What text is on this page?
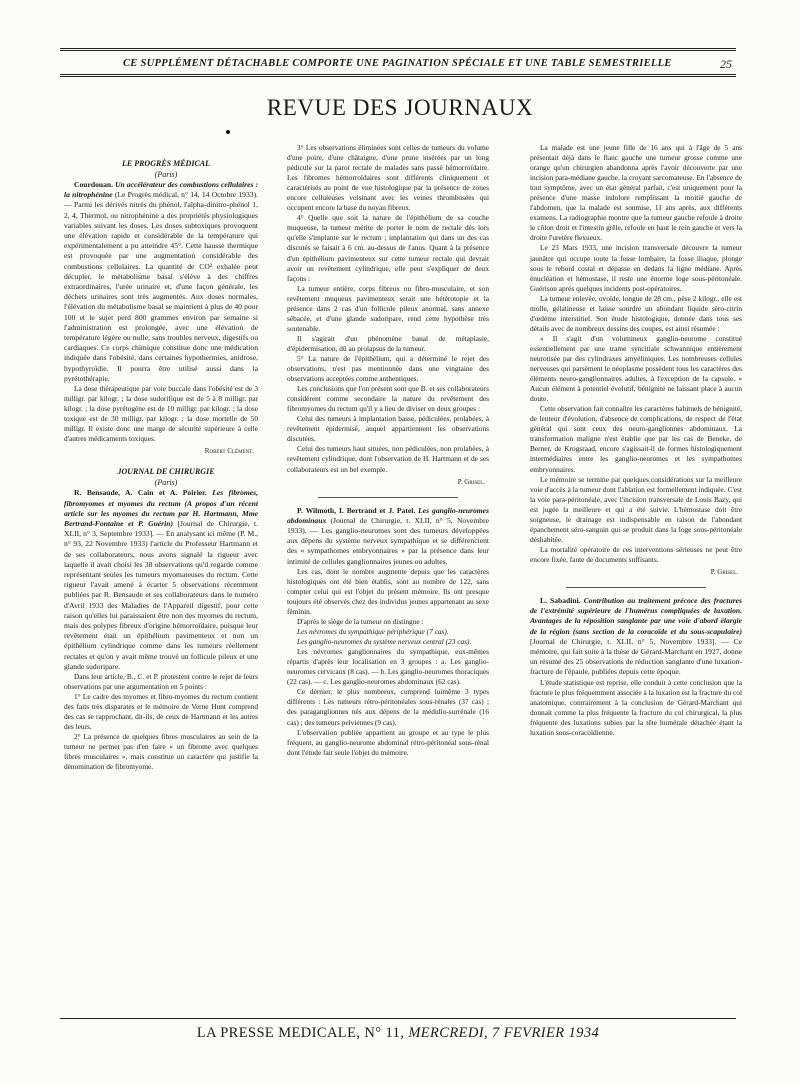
CE SUPPLÉMENT DÉTACHABLE COMPORTE UNE PAGINATION SPÉCIALE ET UNE TABLE SEMESTRIELLE	25
REVUE DES JOURNAUX

LE PROGRÈS MÉDICAL

(Paris)

Courdouan. Un accélérateur des combustions cellulaires : la nitrophénine (Le Progrès médical, n° 14, 14 Octobre 1933). — Parmi les dérivés nitrés du phénol, l'alpha-dinitro-phénol 1, 2, 4, Thermol, ou nitrophénine a des propriétés physiologiques variables suivant les doses. Les doses subtoxiques provoquent une élévation rapide et considérable de la température qui expérimentalement a pu atteindre 45°. Cette hausse thermique est provoquée par une augmentation considérable des combustions cellulaires. La quantité de CO² exhalée peut décupler, le métabolisme basal s'élève à des chiffres extraordinaires, l'urée urinaire et, d'une façon générale, les déchets urinaires sont très augmentés. Aux doses normales, l'élévation du métabolisme basal se maintient à plus de 40 pour 100 et le sujet perd 800 grammes environ par semaine si l'administration est prolongée, avec une élévation de température légère ou nulle, sans troubles nerveux, digestifs ou cardiaques. Ce corps chimique constitue donc une médication indiquée dans l'obésité, dans certaines hypothermies, anidrose, hypothyroïdie. Il pourra être utilisé aussi dans la pyrétothérapie.

La dose thérapeutique par voie buccale dans l'obésité est de 3 milligr. par kilogr. ; la dose sudorifique est de 5 à 8 milligr. par kilogr. ; la dose pyrétogène est de 10 milligr. par kilogr. ; la dose toxique est de 30 milligr. par kilogr. ; la dose mortelle de 50 milligr. Il existe donc une marge de sécurité supérieure à celle d'autres médicaments toxiques.

Robert Clément.

JOURNAL DE CHIRURGIE

(Paris)

R. Bensaude, A. Cain et A. Poirier. Les fibromes, fibromyomes et myomes du rectum (A propos d'un récent article sur les myomes du rectum par H. Hartmann, Mme Bertrand-Fontaine et P. Guérin) [Journal de Chirurgie, t. XLII, n° 3, Septembre 1933]. — En analysant ici même (P. M., n° 93, 22 Novembre 1933) l'article du Professeur Hartmann et de ses collaborateurs, nous avons signalé la rigueur avec laquelle il avait choisi les 38 observations qu'il regarde comme représentant seules les tumeurs myomateuses du rectum. Cette rigueur l'avait amené à écarter 5 observations récemment publiées par R. Bensaude et ses collaborateurs dans le numéro d'Avril 1933 des Maladies de l'Appareil digestif, pour cette raison qu'elles lui paraissaient être non des myomes du rectum, mais des polypes fibreux d'origine hémorroïdaire, puisque leur revêtement était un épithélium pavimenteux et non un épithélium cylindrique comme dans les tumeurs réellement rectales et qu'on y avait même trouvé un follicule pileux et une glande sudoripare.

Dans leur article, B., C. et P. protestent contre le rejet de leurs observations par une argumentation en 5 points :

1° Le cadre des myomes et fibro-myomes du rectum contient des faits très disparates et le mémoire de Verne Hunt comprend des cas se rapprochant, dit-ils, de ceux de Hartmann et les autres des leurs.

2° La présence de quelques fibres musculaires au sein de la tumeur ne permet pas d'en faire « un fibrome avec quelques fibres musculaires », mais constitue un caractère qui justifie la dénomination de fibromyome.

3° Les observations éliminées sont celles de tumeurs du volume d'une poire, d'une châtaigne, d'une prune insérées par un long pédicule sur la paroi rectale de malades sans passé hémorroïdaire. Les fibromes hémorroïdaires sont différents cliniquement et caractérisés au point de vue histologique par la présence de zones encore celluleuses voisinant avec les veines thrombosées qui occupent encore la base du noyau fibreux.

4° Quelle que soit la nature de l'épithélium de sa couche muqueuse, la tumeur mérite de porter le nom de rectale dès lors qu'elle s'implante sur le rectum ; implantation qui dans un des cas discutés se faisait à 6 cm. au-dessus de l'anus. Quant à la présence d'un épithélium pavimenteux sur cette tumeur rectale qui devrait avoir un revêtement cylindrique, elle peut s'expliquer de deux façons :

La tumeur entière, corps fibreux ou fibro-musculaire, et son revêtement muqueux pavimenteux serait une hétérotopie et la présence dans 2 cas d'un follicule pileux anormal, sans annexe sébacée, et d'une glande sudoripare, rend cette hypothèse très soutenable.

Il s'agirait d'un phénomène banal de métaplasie, d'épidermisation, dû au prolapsus de la tumeur.

5° La nature de l'épithélium, qui a déterminé le rejet des observations, n'est pas mentionnée dans une vingtaine des observations acceptées comme authentiques.

Les conclusions que l'on présent sont que B. et ses collaborateurs considèrent comme secondaire la nature du revêtement des fibromyomes du rectum qu'il y a lieu de diviser en deux groupes :

Celui des tumeurs à implantation basse, pédiculées, prolabées, à revêtement épidermisé, auquel appartiennent les observations discutées.

Celui des tumeurs haut situées, non pédiculées, non prolabées, à revêtement cylindrique, dont l'observation de H. Hartmann et de ses collaborateurs est un bel exemple.

P. Grisel.

P. Wilmoth, I. Bertrand et J. Patel. Les ganglio-neuromes abdominaux (Journal de Chirurgie, t. XLII, n° 5, Novembre 1933). — Les ganglio-neuromes sont des tumeurs développées aux dépens du système nerveux sympathique et se différencient des « sympathomes embryonnaires » par la présence dans leur intimité de cellules ganglionnaires jeunes ou adultes.

Les cas, dont le nombre augmente depuis que les caractères histologiques ont été bien établis, sont au nombre de 122, sans compter celui qui est l'objet du présent mémoire. Ils ont presque toujours été observés chez des individus jeunes appartenant au sexe féminin.

D'après le siège de la tumeur on distingue :

Les névromes du sympathique périphérique (7 cas).

Les ganglio-neuromes du système nerveux central (23 cas).

Les névromes ganglionnaires du sympathique, eux-mêmes répartis d'après leur localisation en 3 groupes : a. Les ganglio-neuromes cervicaux (8 cas). — b. Les ganglio-neuromes thoraciques (22 cas). — c. Les ganglio-neuromes abdominaux (62 cas).

Ce dernier, le plus nombreux, comprend luimême 3 types différents : Les tumeurs rétro-péritonéales sous-rénales (37 cas) ; des paraganglionnes nés aux dépens de la médullo-surrénale (16 cas) ; des tumeurs pelviennes (9 cas).

L'observation publiée appartient au groupe et au type le plus fréquent, au ganglio-neurome abdominal rétro-péritonéal sous-rénal dont l'étude fait seule l'objet du mémoire.

La malade est une jeune fille de 16 ans qui à l'âge de 5 ans présentait déjà dans le flanc gauche une tumeur grosse comme une orange qu'un chirurgien abandonna après l'avoir découverte par une incision para-médiane gauche, la croyant sarcomateuse. En l'absence de tout symptôme, avec un état général parfait, c'est uniquement pour la présence d'une masse indolore remplissant la moitié gauche de l'abdomen, que la malade est soumise, 11 ans après, aux différents examens. La radiographie montre que la tumeur gauche refoule à droite le côlon droit et l'intestin grêle, refoule en haut le rein gauche et vers la droite l'uretère flexueux.

Le 23 Mars 1933, une incision transversale découvre la tumeur jaunâtre qui occupe toute la fosse lombaire, la fosse iliaque, plonge sous le rebord costal et dépasse en dedans la ligne médiane. Après énucléation et hémostase, il reste une énorme loge sous-péritonéale. Guérison après quelques incidents post-opératoires.

La tumeur enlevée, ovoïde, longue de 28 cm., pèse 2 kilogr., elle est molle, gélatineuse et laisse sourdre un abondant liquide séro-citrin d'œdème interstitiel. Son étude histologique, donnée dans tous ses détails avec de nombreux dessins des coupes, est ainsi résumée :

« Il s'agit d'un volumineux ganglio-neurome constitué essentiellement par une trame syncitiale schwannique entièrement neurotisée par des cylindraxes amyéliniques. Les nombreuses cellules nerveuses qui parsèment le néoplasme possèdent tous les caractères des éléments neuro-ganglionnaires adultes, à l'exception de la capsule. » Aucun élément à potentiel évolutif, bénignité ne laissant place à aucun doute.

Cette observation fait connaître les caractères habituels de bénignité, de lenteur d'évolution, d'absence de complications, de respect de l'état général qui sont ceux des neuro-ganglionnes abdominaux. La transformation maligne n'est établie que par les cas de Beneke, de Berner, de Krogsraad, encore s'agissait-il de formes histologiquement intermédiaires entre les ganglio-neuromes et les sympathomes embryonnaires.

Le mémoire se termine par quelques considérations sur la meilleure voie d'accès à la tumeur dont l'ablation est formellement indiquée. C'est la voie para-péritonéale, avec l'incision transversale de Louis Bazy, qui est jugée la meilleure et qui a été suivie. L'hémostase doit être soigneuse, le drainage est indispensable en raison de l'abondant épanchement séro-sanguin qui se produit dans la loge sous-péritonéale déshabitée.

La mortalité opératoire de ces interventions sérieuses ne peut être encore fixée, faute de documents suffisants.

P. Grisel.

L. Sabadini. Contribution au traitement précoce des fractures de l'extrémité supérieure de l'humérus compliquées de luxation. Avantages de la réposition sanglante par une voie d'abord élargie de la région (sans section de la coracoïde et du sous-scapulaire) [Journal de Chirurgie, t. XLII, n° 5, Novembre 1933]. — Ce mémoire, qui fait suite à la thèse de Gérard-Marchant en 1927, donne un résumé des 25 observations de réduction sanglante d'une luxation-fracture de l'épaule, publiées depuis cette époque.

L'étude statistique est reprise, elle conduit à cette conclusion que la fracture le plus fréquemment associée à la luxation est la fracture du col anatomique, contrairement à la conclusion de Gérard-Marchant qui donnait comme la plus fréquente la fracture du col chirurgical, la plus fréquente des luxations subies par la tête humérale détachée étant la luxation sous-coracoïdienne.

LA PRESSE MEDICALE, N° 11, MERCREDI, 7 FEVRIER 1934
